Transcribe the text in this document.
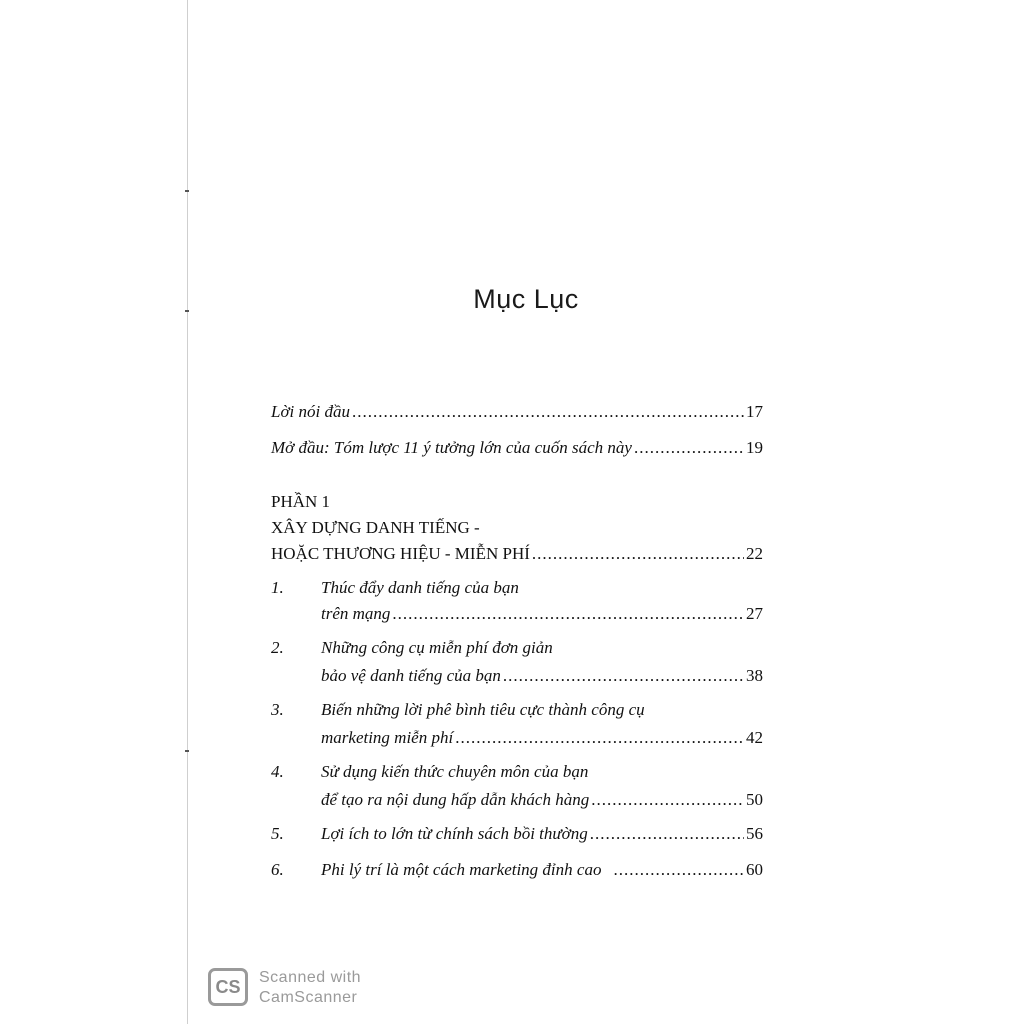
Mục Lục
Lời nói đầu .....	17
Mở đầu: Tóm lược 11 ý tưởng lớn của cuốn sách này .....	19
PHẦN 1
XÂY DỰNG DANH TIẾNG -
HOẶC THƯƠNG HIỆU - MIỄN PHÍ .....	22
1. Thúc đẩy danh tiếng của bạn
trên mạng .....	27
2. Những công cụ miễn phí đơn giản
bảo vệ danh tiếng của bạn .....	38
3. Biến những lời phê bình tiêu cực thành công cụ
marketing miễn phí .....	42
4. Sử dụng kiến thức chuyên môn của bạn
để tạo ra nội dung hấp dẫn khách hàng .....	50
5. Lợi ích to lớn từ chính sách bồi thường .....	56
6. Phi lý trí là một cách marketing đỉnh cao .....	60
CS	Scanned with
CamScanner
